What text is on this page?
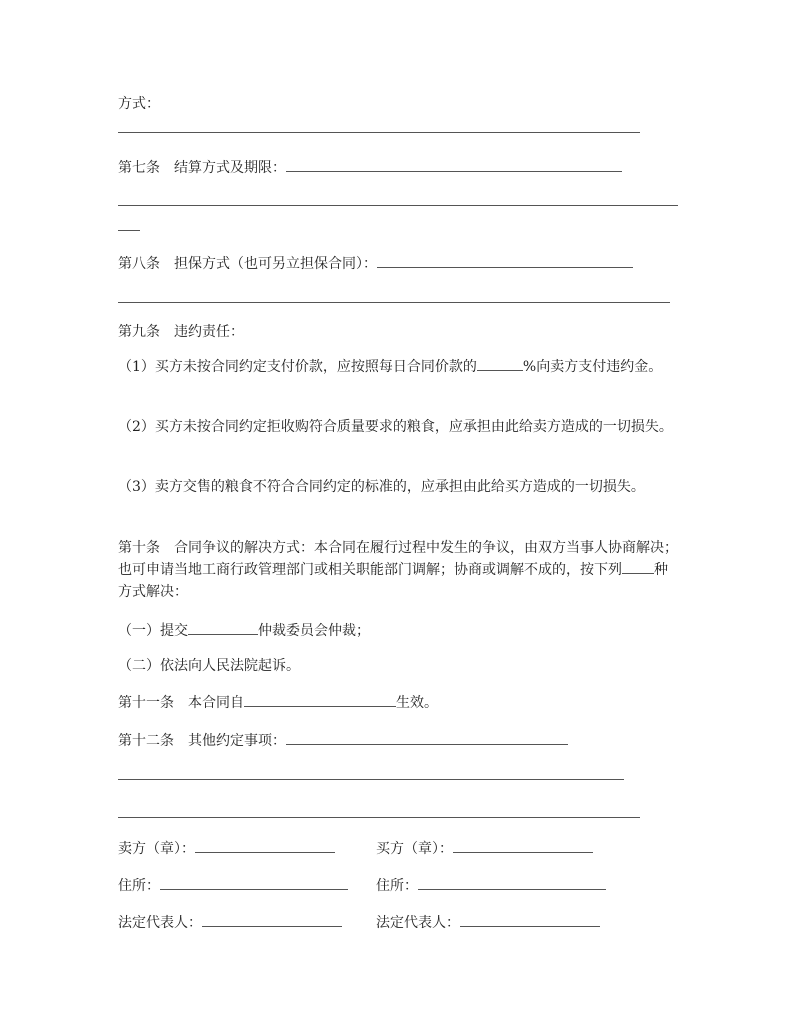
方式：
第七条　结算方式及期限：
第八条　担保方式（也可另立担保合同）：
第九条　违约责任：
（1）买方未按合同约定支付价款，应按照每日合同价款的	%向卖方支付违约金。
（2）买方未按合同约定拒收购符合质量要求的粮食，应承担由此给卖方造成的一切损失。
（3）卖方交售的粮食不符合合同约定的标准的，应承担由此给买方造成的一切损失。
第十条　合同争议的解决方式：本合同在履行过程中发生的争议，由双方当事人协商解决；也可申请当地工商行政管理部门或相关职能部门调解；协商或调解不成的，按下列 种方式解决：
（一）提交	仲裁委员会仲裁；
（二）依法向人民法院起诉。
第十一条　本合同自	生效。
第十二条　其他约定事项：
卖方（章）：	买方（章）：
住所：	住所：
法定代表人：	法定代表人：
